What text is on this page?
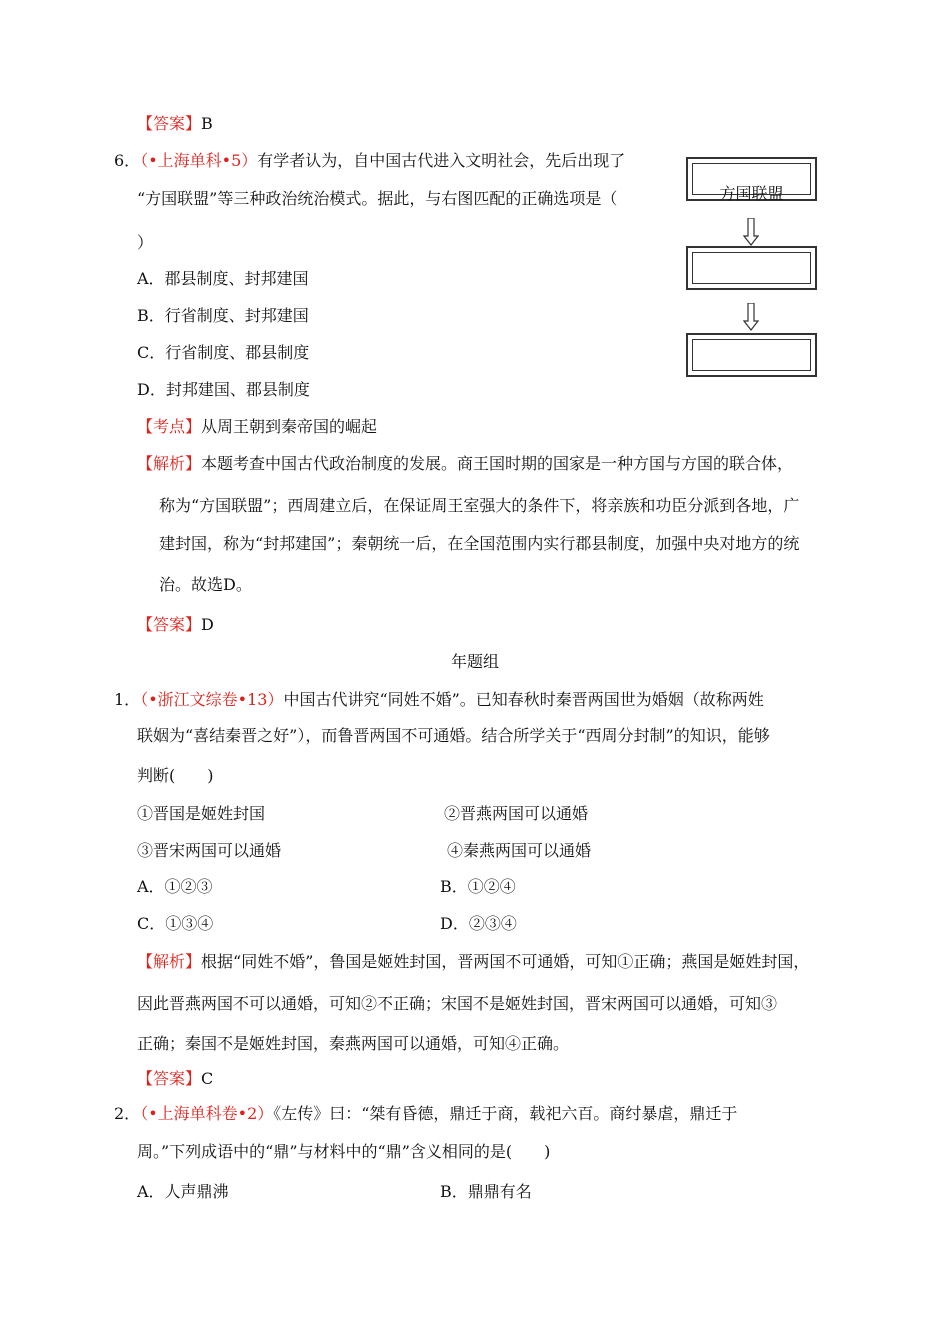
【答案】B
6．（•上海单科•5）有学者认为，自中国古代进入文明社会，先后出现了
“方国联盟”等三种政治统治模式。据此，与右图匹配的正确选项是（
）
A．郡县制度、封邦建国
B．行省制度、封邦建国
C．行省制度、郡县制度
D．封邦建国、郡县制度
【考点】从周王朝到秦帝国的崛起
【解析】本题考查中国古代政治制度的发展。商王国时期的国家是一种方国与方国的联合体，
称为“方国联盟”；西周建立后，在保证周王室强大的条件下，将亲族和功臣分派到各地，广
建封国，称为“封邦建国”；秦朝统一后，在全国范围内实行郡县制度，加强中央对地方的统
治。故选D。
【答案】D
方国联盟
年题组
1．（•浙江文综卷•13）中国古代讲究“同姓不婚”。已知春秋时秦晋两国世为婚姻（故称两姓
联姻为“喜结秦晋之好”），而鲁晋两国不可通婚。结合所学关于“西周分封制”的知识，能够
判断(　　)
①晋国是姬姓封国	②晋燕两国可以通婚
③晋宋两国可以通婚	④秦燕两国可以通婚
A．①②③	B．①②④
C．①③④	D．②③④
【解析】根据“同姓不婚”，鲁国是姬姓封国，晋两国不可通婚，可知①正确；燕国是姬姓封国，
因此晋燕两国不可以通婚，可知②不正确；宋国不是姬姓封国，晋宋两国可以通婚，可知③
正确；秦国不是姬姓封国，秦燕两国可以通婚，可知④正确。
【答案】C
2．（•上海单科卷•2）《左传》曰：“桀有昏德，鼎迁于商，载祀六百。商纣暴虐，鼎迁于
周。”下列成语中的“鼎”与材料中的“鼎”含义相同的是(　　)
A．人声鼎沸	B．鼎鼎有名
